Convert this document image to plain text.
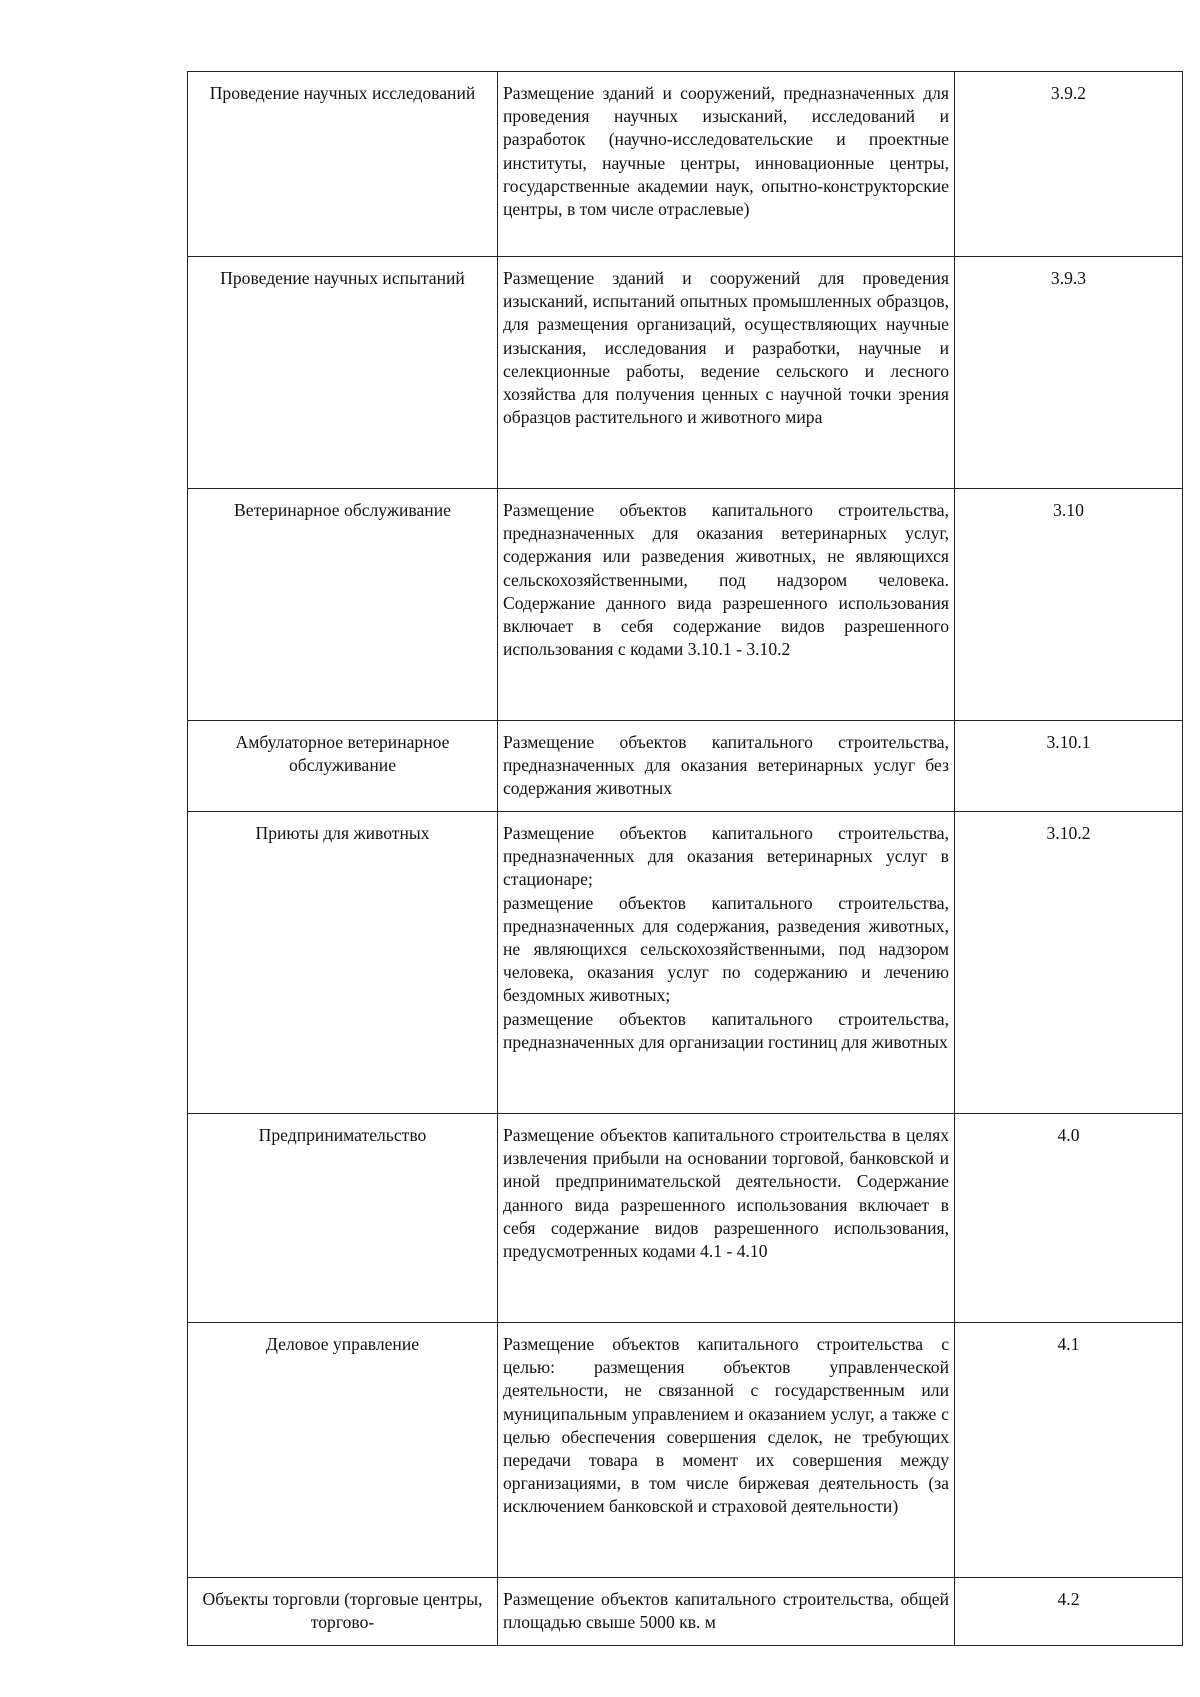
Проведение научных исследований	Размещение зданий и сооружений, предназначенных для проведения научных изысканий, исследований и разработок (научно-исследовательские и проектные институты, научные центры, инновационные центры, государственные академии наук, опытно-конструкторские центры, в том числе отраслевые)	3.9.2
Проведение научных испытаний	Размещение зданий и сооружений для проведения изысканий, испытаний опытных промышленных образцов, для размещения организаций, осуществляющих научные изыскания, исследования и разработки, научные и селекционные работы, ведение сельского и лесного хозяйства для получения ценных с научной точки зрения образцов растительного и животного мира	3.9.3
Ветеринарное обслуживание	Размещение объектов капитального строительства, предназначенных для оказания ветеринарных услуг, содержания или разведения животных, не являющихся сельскохозяйственными, под надзором человека. Содержание данного вида разрешенного использования включает в себя содержание видов разрешенного использования с кодами 3.10.1 - 3.10.2	3.10
Амбулаторное ветеринарное обслуживание	Размещение объектов капитального строительства, предназначенных для оказания ветеринарных услуг без содержания животных	3.10.1
Приюты для животных	Размещение объектов капитального строительства, предназначенных для оказания ветеринарных услуг в стационаре;
размещение объектов капитального строительства, предназначенных для содержания, разведения животных, не являющихся сельскохозяйственными, под надзором человека, оказания услуг по содержанию и лечению бездомных животных;
размещение объектов капитального строительства, предназначенных для организации гостиниц для животных	3.10.2
Предпринимательство	Размещение объектов капитального строительства в целях извлечения прибыли на основании торговой, банковской и иной предпринимательской деятельности. Содержание данного вида разрешенного использования включает в себя содержание видов разрешенного использования, предусмотренных кодами 4.1 - 4.10	4.0
Деловое управление	Размещение объектов капитального строительства с целью: размещения объектов управленческой деятельности, не связанной с государственным или муниципальным управлением и оказанием услуг, а также с целью обеспечения совершения сделок, не требующих передачи товара в момент их совершения между организациями, в том числе биржевая деятельность (за исключением банковской и страховой деятельности)	4.1
Объекты торговли (торговые центры, торгово-	Размещение объектов капитального строительства, общей площадью свыше 5000 кв. м	4.2
